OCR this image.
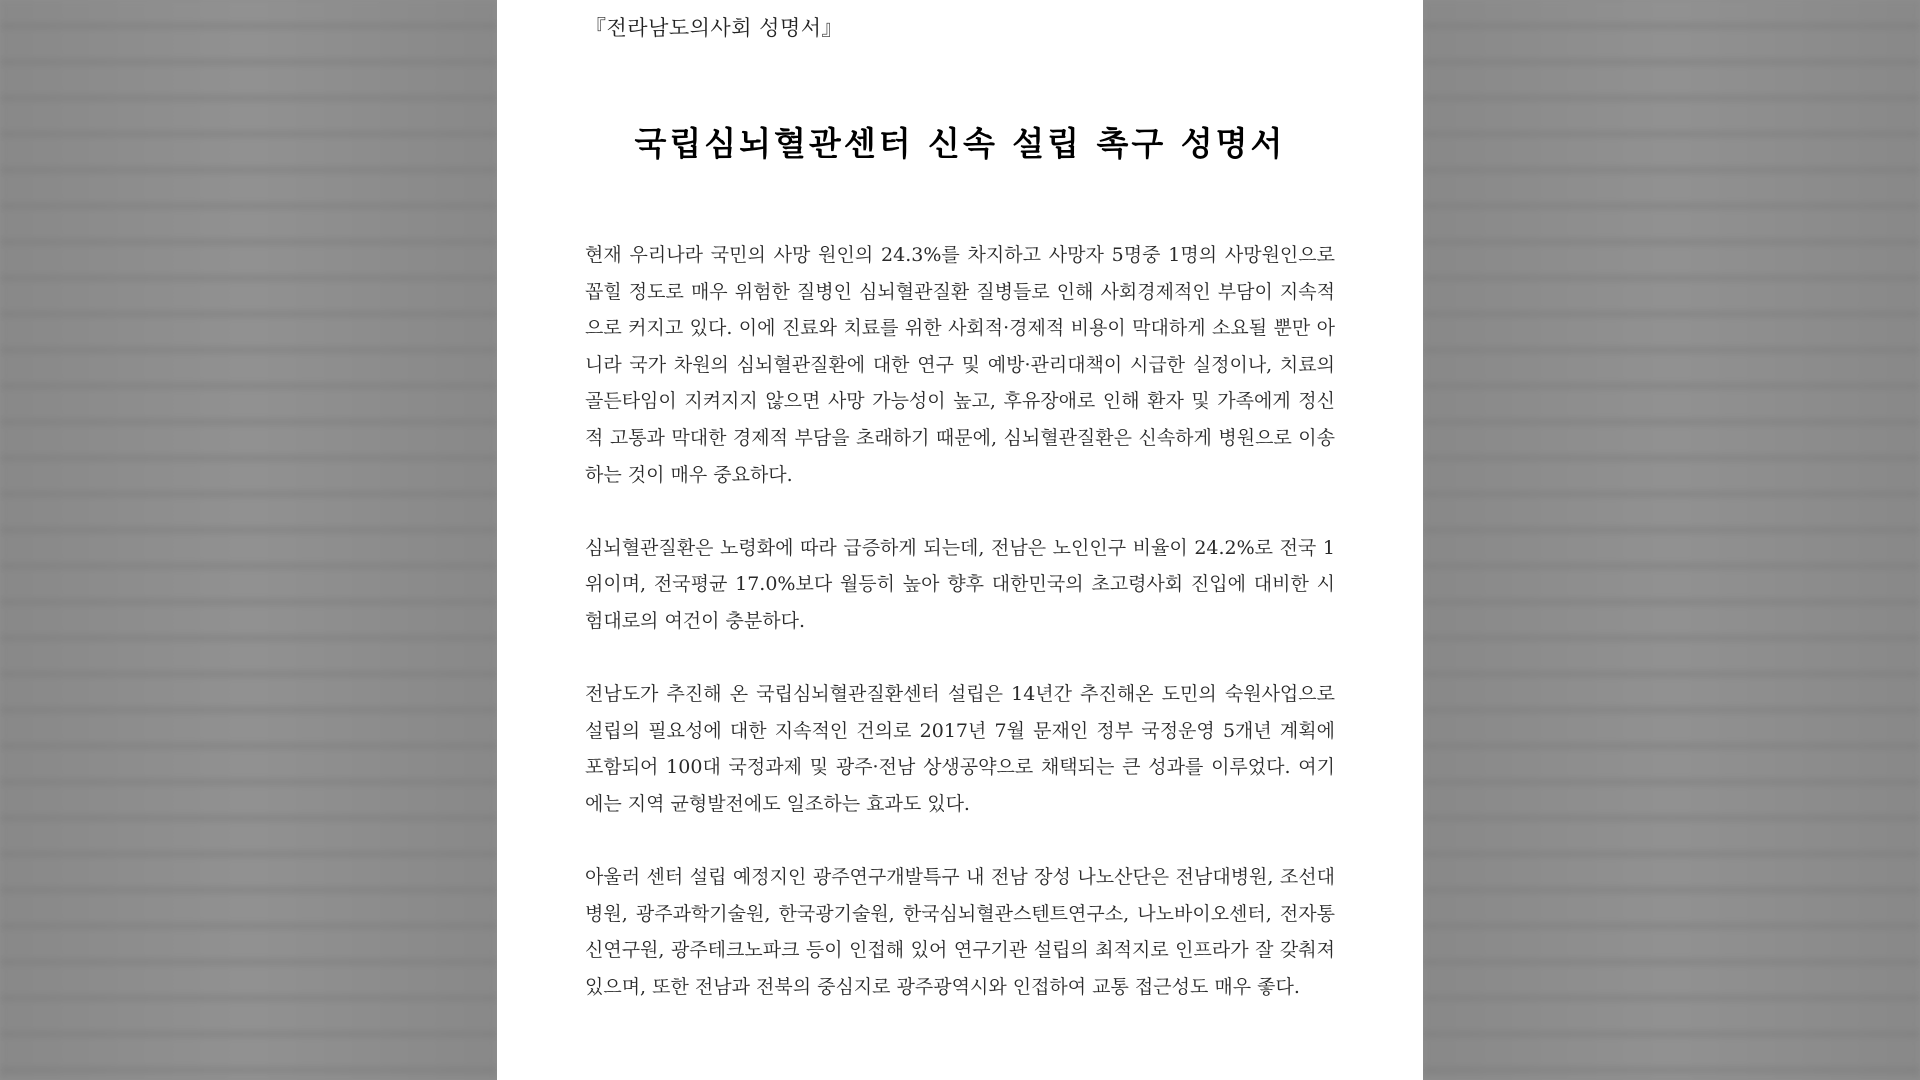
『전라남도의사회 성명서』
국립심뇌혈관센터 신속 설립 촉구 성명서

현재 우리나라 국민의 사망 원인의 24.3%를 차지하고 사망자 5명중 1명의 사망원인으로 꼽힐 정도로 매우 위험한 질병인 심뇌혈관질환 질병들로 인해 사회경제적인 부담이 지속적으로 커지고 있다. 이에 진료와 치료를 위한 사회적·경제적 비용이 막대하게 소요될 뿐만 아니라 국가 차원의 심뇌혈관질환에 대한 연구 및 예방·관리대책이 시급한 실정이나, 치료의 골든타임이 지켜지지 않으면 사망 가능성이 높고, 후유장애로 인해 환자 및 가족에게 정신적 고통과 막대한 경제적 부담을 초래하기 때문에, 심뇌혈관질환은 신속하게 병원으로 이송하는 것이 매우 중요하다.

심뇌혈관질환은 노령화에 따라 급증하게 되는데, 전남은 노인인구 비율이 24.2%로 전국 1위이며, 전국평균 17.0%보다 월등히 높아 향후 대한민국의 초고령사회 진입에 대비한 시험대로의 여건이 충분하다.

전남도가 추진해 온 국립심뇌혈관질환센터 설립은 14년간 추진해온 도민의 숙원사업으로 설립의 필요성에 대한 지속적인 건의로 2017년 7월 문재인 정부 국정운영 5개년 계획에 포함되어 100대 국정과제 및 광주·전남 상생공약으로 채택되는 큰 성과를 이루었다. 여기에는 지역 균형발전에도 일조하는 효과도 있다.

아울러 센터 설립 예정지인 광주연구개발특구 내 전남 장성 나노산단은 전남대병원, 조선대병원, 광주과학기술원, 한국광기술원, 한국심뇌혈관스텐트연구소, 나노바이오센터, 전자통신연구원, 광주테크노파크 등이 인접해 있어 연구기관 설립의 최적지로 인프라가 잘 갖춰져 있으며, 또한 전남과 전북의 중심지로 광주광역시와 인접하여 교통 접근성도 매우 좋다.
